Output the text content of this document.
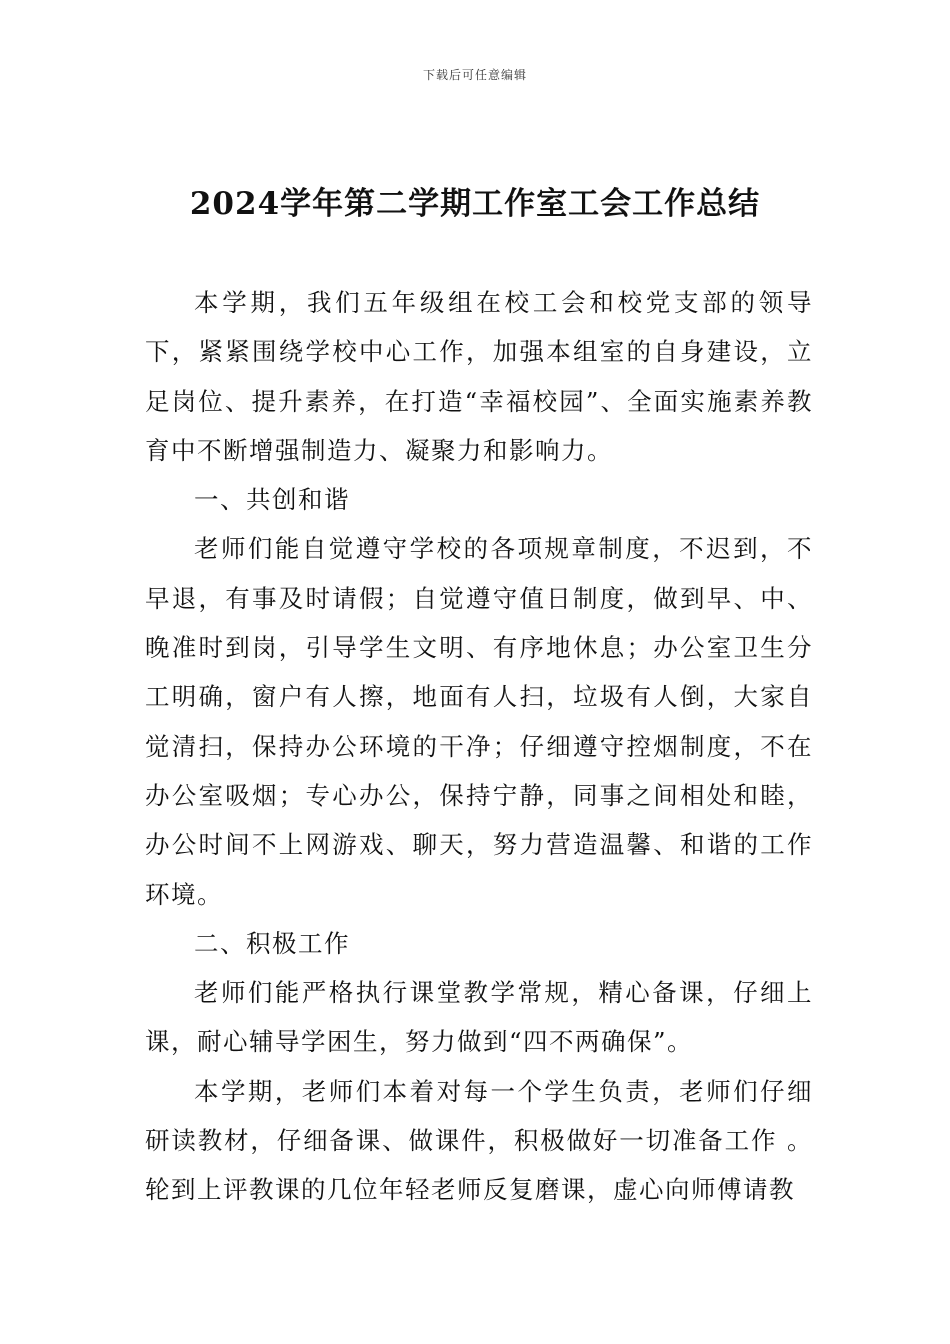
下载后可任意编辑
2024学年第二学期工作室工会工作总结

本学期，我们五年级组在校工会和校党支部的领导下，紧紧围绕学校中心工作，加强本组室的自身建设，立足岗位、提升素养，在打造“幸福校园”、全面实施素养教育中不断增强制造力、凝聚力和影响力。

一、共创和谐

老师们能自觉遵守学校的各项规章制度，不迟到，不早退，有事及时请假；自觉遵守值日制度，做到早、中、晚准时到岗，引导学生文明、有序地休息；办公室卫生分工明确，窗户有人擦，地面有人扫，垃圾有人倒，大家自觉清扫，保持办公环境的干净；仔细遵守控烟制度，不在办公室吸烟；专心办公，保持宁静，同事之间相处和睦，办公时间不上网游戏、聊天，努力营造温馨、和谐的工作环境。

二、积极工作

老师们能严格执行课堂教学常规，精心备课，仔细上课，耐心辅导学困生，努力做到“四不两确保”。

本学期，老师们本着对每一个学生负责，老师们仔细研读教材，仔细备课、做课件，积极做好一切准备工作 。轮到上评教课的几位年轻老师反复磨课，虚心向师傅请教
